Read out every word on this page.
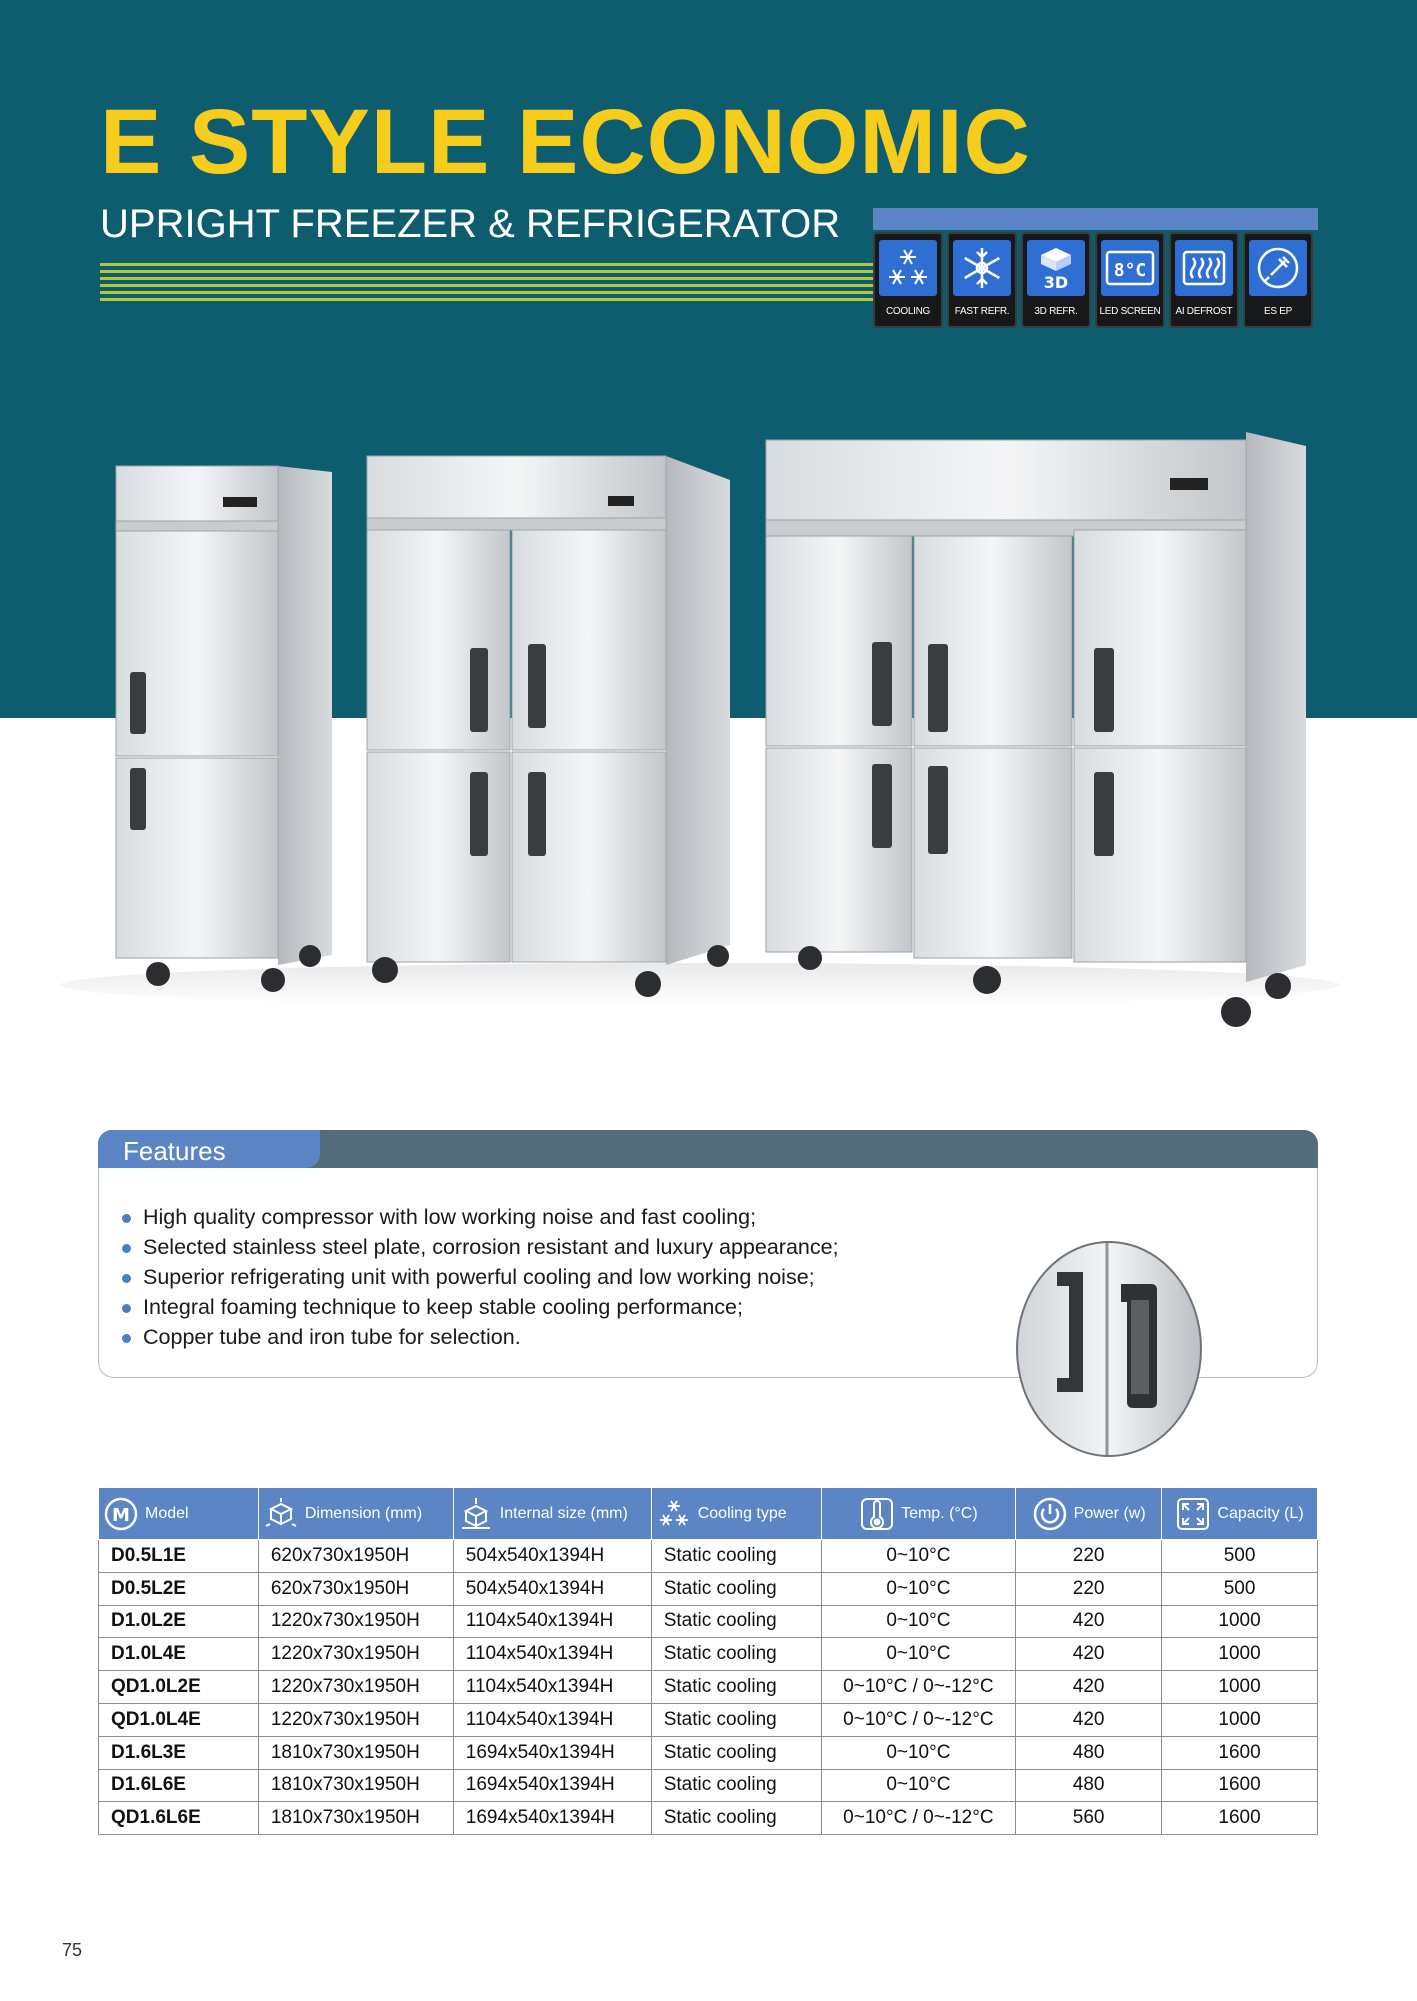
E STYLE ECONOMIC
UPRIGHT FREEZER & REFRIGERATOR
COOLING FAST REFR.
3D
3D REFR.
8°C
LED SCREEN AI DEFROST	ES EP
Features
High quality compressor with low working noise and fast cooling;
Selected stainless steel plate, corrosion resistant and luxury appearance;
Superior refrigerating unit with powerful cooling and low working noise;
Integral foaming technique to keep stable cooling performance;
Copper tube and iron tube for selection.
M Model	Dimension (mm)	Internal size (mm)	Cooling type	Temp. (°C)	Power (w)	Capacity (L)

D0.5L1E	620x730x1950H	504x540x1394H	Static cooling	0~10°C	220	500
D0.5L2E	620x730x1950H	504x540x1394H	Static cooling	0~10°C	220	500
D1.0L2E	1220x730x1950H	1104x540x1394H	Static cooling	0~10°C	420	1000
D1.0L4E	1220x730x1950H	1104x540x1394H	Static cooling	0~10°C	420	1000
QD1.0L2E	1220x730x1950H	1104x540x1394H	Static cooling	0~10°C / 0~-12°C	420	1000
QD1.0L4E	1220x730x1950H	1104x540x1394H	Static cooling	0~10°C / 0~-12°C	420	1000
D1.6L3E	1810x730x1950H	1694x540x1394H	Static cooling	0~10°C	480	1600
D1.6L6E	1810x730x1950H	1694x540x1394H	Static cooling	0~10°C	480	1600
QD1.6L6E	1810x730x1950H	1694x540x1394H	Static cooling	0~10°C / 0~-12°C	560	1600
75
